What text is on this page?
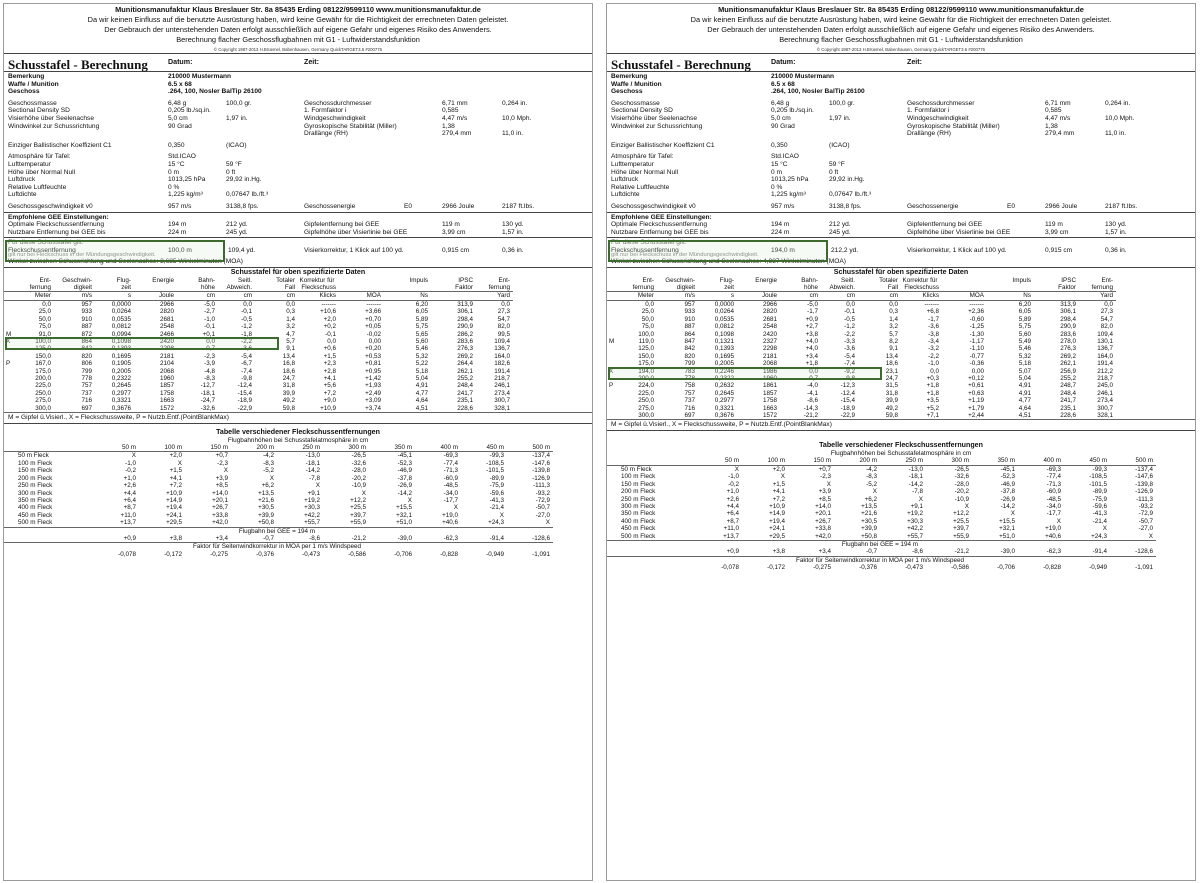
Munitionsmanufaktur Klaus Breslauer Str. 8a 85435 Erding 08122/9599110 www.munitionsmanufaktur.de
Da wir keinen Einfluss auf die benutzte Ausrüstung haben, wird keine Gewähr für die Richtigkeit der errechneten Daten geleistet.
Der Gebrauch der untenstehenden Daten erfolgt ausschließlich auf eigene Gefahr und eigenes Risiko des Anwenders.
Berechnung flacher Geschossflugbahnen mit G1 - Luftwiderstandsfunktion
© Copyright 1987-2013 H.Brüemel, Babenhausen, Germany QuickTARGET3.6 #200776
Schusstafel - Berechnung	Datum:	Zeit:
Bemerkung	210000 Mustermann
Waffe / Munition	6.5 x 68
Geschoss	.264, 100, Nosler BalTip 26100
Geschossmasse	6,48 g	100,0 gr.	Geschossdurchmesser	6,71 mm	0,264 in.
Sectional Density SD	0,205 lb./sq.in.	1. Formfaktor i	0,585
Visierhöhe über Seelenachse	5,0 cm	1,97 in.	Windgeschwindigkeit	4,47 m/s	10,0 Mph.
Windwinkel zur Schussrichtung	90 Grad	Gyroskopische Stabilität (Miller)	1,38
Drallänge (RH)	279,4 mm	11,0 in.
Einziger Ballistischer Koeffizient C1	0,350	(ICAO)
Atmosphäre für Tafel:	Std.ICAO
Lufttemperatur	15 °C	59 °F
Höhe über Normal Null	0 m	0 ft
Luftdruck	1013,25 hPa	29,92 in.Hg.
Relative Luftfeuchte	0 %
Luftdichte	1,225 kg/m³	0,07647 lb./ft.³
Geschossgeschwindigkeit v0	957 m/s	3138,8 fps.	Geschossenergie	E0	2966 Joule	2187 ft.lbs.
Empfohlene GEE Einstellungen:
Optimale Fleckschussentfernung	194 m	212 yd.	Gipfelentfernung bei GEE	119 m	130 yd.
Nutzbare Entfernung bei GEE bis	224 m	245 yd.	Gipfelhöhe über Visierlinie bei GEE	3,99 cm	1,57 in.
Für diese Schusstafel gilt:
Fleckschussentfernung	100,0 m	109,4 yd.	Visierkorrektur, 1 Klick auf 100 yd.	0,915 cm	0,36 in.
gilt nur bei Fleckschuss in der Mündungsgeschwindigkeit.
Winkel zwischen Schussrichtung und Seelenachse: 3,685 Winkelminuten (MOA)
Schusstafel für oben spezifizierte Daten
	Ent-	Geschwin-	Flug-	Energie	Bahn-	Seitl.	Totaler	Korrektur für		Impuls	IPSC	Ent-
	fernung	digkeit	zeit		höhe	Abweich.	Fall	Fleckschuss			Faktor	fernung
	Meter	m/s	s	Joule	cm	cm	cm	Klicks	MOA	Ns		Yard
	0,0	957	0,0000	2966	-5,0	0,0	0,0	-------	-------	6,20	313,9	0,0
	25,0	933	0,0264	2820	-2,7	-0,1	0,3	+10,6	+3,66	6,05	306,1	27,3
	50,0	910	0,0535	2681	-1,0	-0,5	1,4	+2,0	+0,70	5,89	298,4	54,7
	75,0	887	0,0812	2548	-0,1	-1,2	3,2	+0,2	+0,05	5,75	290,9	82,0
M	91,0	872	0,0994	2466	+0,1	-1,8	4,7	-0,1	-0,02	5,65	286,2	99,5
X	100,0	864	0,1098	2420	0,0	-2,2	5,7	0,0	0,00	5,60	283,6	109,4
	125,0	842	0,1393	2298	-0,7	-3,6	9,1	+0,6	+0,20	5,46	276,3	136,7
	150,0	820	0,1695	2181	-2,3	-5,4	13,4	+1,5	+0,53	5,32	269,2	164,0
P	167,0	806	0,1905	2104	-3,9	-6,7	16,8	+2,3	+0,81	5,22	264,4	182,6
	175,0	799	0,2005	2068	-4,8	-7,4	18,6	+2,8	+0,95	5,18	262,1	191,4
	200,0	778	0,2322	1960	-8,3	-9,8	24,7	+4,1	+1,42	5,04	255,2	218,7
	225,0	757	0,2645	1857	-12,7	-12,4	31,8	+5,6	+1,93	4,91	248,4	246,1
	250,0	737	0,2977	1758	-18,1	-15,4	39,9	+7,2	+2,49	4,77	241,7	273,4
	275,0	716	0,3321	1663	-24,7	-18,9	49,2	+9,0	+3,09	4,64	235,1	300,7
	300,0	697	0,3676	1572	-32,6	-22,9	59,8	+10,9	+3,74	4,51	228,6	328,1
M = Gipfel ü.Visierl., X = Fleckschussweite, P = Nutzb.Entf.(PointBlankMax)
Tabelle verschiedener Fleckschussentfernungen
Flugbahnhöhen bei Schusstafelatmosphäre in cm
	50 m	100 m	150 m	200 m	250 m	300 m	350 m	400 m	450 m	500 m
50 m Fleck	X	+2,0	+0,7	-4,2	-13,0	-26,5	-45,1	-69,3	-99,3	-137,4
100 m Fleck	-1,0	X	-2,3	-8,3	-18,1	-32,6	-52,3	-77,4	-108,5	-147,6
150 m Fleck	-0,2	+1,5	X	-5,2	-14,2	-28,0	-46,9	-71,3	-101,5	-139,8
200 m Fleck	+1,0	+4,1	+3,9	X	-7,8	-20,2	-37,8	-60,9	-89,9	-126,9
250 m Fleck	+2,6	+7,2	+8,5	+6,2	X	-10,9	-26,9	-48,5	-75,9	-111,3
300 m Fleck	+4,4	+10,9	+14,0	+13,5	+9,1	X	-14,2	-34,0	-59,6	-93,2
350 m Fleck	+6,4	+14,9	+20,1	+21,6	+19,2	+12,2	X	-17,7	-41,3	-72,9
400 m Fleck	+8,7	+19,4	+26,7	+30,5	+30,3	+25,5	+15,5	X	-21,4	-50,7
450 m Fleck	+11,0	+24,1	+33,8	+39,9	+42,2	+39,7	+32,1	+19,0	X	-27,0
500 m Fleck	+13,7	+29,5	+42,0	+50,8	+55,7	+55,9	+51,0	+40,6	+24,3	X
Flugbahn bei GEE = 194 m										
	+0,9	+3,8	+3,4	-0,7	-8,6	-21,2	-39,0	-62,3	-91,4	-128,6
Faktor für Seitenwindkorrektur in MOA per 1 m/s Windspeed										
	-0,078	-0,172	-0,275	-0,376	-0,473	-0,586	-0,706	-0,828	-0,949	-1,091
Munitionsmanufaktur Klaus Breslauer Str. 8a 85435 Erding 08122/9599110 www.munitionsmanufaktur.de
Da wir keinen Einfluss auf die benutzte Ausrüstung haben, wird keine Gewähr für die Richtigkeit der errechneten Daten geleistet.
Der Gebrauch der untenstehenden Daten erfolgt ausschließlich auf eigene Gefahr und eigenes Risiko des Anwenders.
Berechnung flacher Geschossflugbahnen mit G1 - Luftwiderstandsfunktion
© Copyright 1987-2013 H.Brüemel, Babenhausen, Germany QuickTARGET3.6 #200776
Schusstafel - Berechnung	Datum:	Zeit:
Bemerkung	210000 Mustermann
Waffe / Munition	6.5 x 68
Geschoss	.264, 100, Nosler BalTip 26100
Geschossmasse	6,48 g	100,0 gr.	Geschossdurchmesser	6,71 mm	0,264 in.
Sectional Density SD	0,205 lb./sq.in.	1. Formfaktor i	0,585
Visierhöhe über Seelenachse	5,0 cm	1,97 in.	Windgeschwindigkeit	4,47 m/s	10,0 Mph.
Windwinkel zur Schussrichtung	90 Grad	Gyroskopische Stabilität (Miller)	1,38
Drallänge (RH)	279,4 mm	11,0 in.
Einziger Ballistischer Koeffizient C1	0,350	(ICAO)
Atmosphäre für Tafel:	Std.ICAO
Lufttemperatur	15 °C	59 °F
Höhe über Normal Null	0 m	0 ft
Luftdruck	1013,25 hPa	29,92 in.Hg.
Relative Luftfeuchte	0 %
Luftdichte	1,225 kg/m³	0,07647 lb./ft.³
Geschossgeschwindigkeit v0	957 m/s	3138,8 fps.	Geschossenergie	E0	2966 Joule	2187 ft.lbs.
Empfohlene GEE Einstellungen:
Optimale Fleckschussentfernung	194 m	212 yd.	Gipfelentfernung bei GEE	119 m	130 yd.
Nutzbare Entfernung bei GEE bis	224 m	245 yd.	Gipfelhöhe über Visierlinie bei GEE	3,99 cm	1,57 in.
Für diese Schusstafel gilt:
Fleckschussentfernung	194,0 m	212,2 yd.	Visierkorrektur, 1 Klick auf 100 yd.	0,915 cm	0,36 in.
gilt nur bei Fleckschuss in der Mündungsgeschwindigkeit.
Winkel zwischen Schussrichtung und Seelenachse: 4,987 Winkelminuten (MOA)
Schusstafel für oben spezifizierte Daten
	Ent-	Geschwin-	Flug-	Energie	Bahn-	Seitl.	Totaler	Korrektur für		Impuls	IPSC	Ent-
	fernung	digkeit	zeit		höhe	Abweich.	Fall	Fleckschuss			Faktor	fernung
	Meter	m/s	s	Joule	cm	cm	cm	Klicks	MOA	Ns		Yard
	0,0	957	0,0000	2966	-5,0	0,0	0,0	-------	-------	6,20	313,9	0,0
	25,0	933	0,0264	2820	-1,7	-0,1	0,3	+6,8	+2,36	6,05	306,1	27,3
	50,0	910	0,0535	2681	+0,9	-0,5	1,4	-1,7	-0,60	5,89	298,4	54,7
	75,0	887	0,0812	2548	+2,7	-1,2	3,2	-3,6	-1,25	5,75	290,9	82,0
	100,0	864	0,1098	2420	+3,8	-2,2	5,7	-3,8	-1,30	5,60	283,6	109,4
M	119,0	847	0,1321	2327	+4,0	-3,3	8,2	-3,4	-1,17	5,49	278,0	130,1
	125,0	842	0,1393	2298	+4,0	-3,6	9,1	-3,2	-1,10	5,46	276,3	136,7
	150,0	820	0,1695	2181	+3,4	-5,4	13,4	-2,2	-0,77	5,32	269,2	164,0
	175,0	799	0,2005	2068	+1,8	-7,4	18,6	-1,0	-0,36	5,18	262,1	191,4
X	194,0	783	0,2246	1986	0,0	-9,2	23,1	0,0	0,00	5,07	256,9	212,2
	200,0	778	0,2322	1960	-0,7	-9,8	24,7	+0,3	+0,12	5,04	255,2	218,7
P	224,0	758	0,2632	1861	-4,0	-12,3	31,5	+1,8	+0,61	4,91	248,7	245,0
	225,0	757	0,2645	1857	-4,1	-12,4	31,8	+1,8	+0,63	4,91	248,4	246,1
	250,0	737	0,2977	1758	-8,6	-15,4	39,9	+3,5	+1,19	4,77	241,7	273,4
	275,0	716	0,3321	1663	-14,3	-18,9	49,2	+5,2	+1,79	4,64	235,1	300,7
	300,0	697	0,3676	1572	-21,2	-22,9	59,8	+7,1	+2,44	4,51	228,6	328,1
M = Gipfel ü.Visierl., X = Fleckschussweite, P = Nutzb.Entf.(PointBlankMax)
Tabelle verschiedener Fleckschussentfernungen
Flugbahnhöhen bei Schusstafelatmosphäre in cm
	50 m	100 m	150 m	200 m	250 m	300 m	350 m	400 m	450 m	500 m
50 m Fleck	X	+2,0	+0,7	-4,2	-13,0	-26,5	-45,1	-69,3	-99,3	-137,4
100 m Fleck	-1,0	X	-2,3	-8,3	-18,1	-32,6	-52,3	-77,4	-108,5	-147,6
150 m Fleck	-0,2	+1,5	X	-5,2	-14,2	-28,0	-46,9	-71,3	-101,5	-139,8
200 m Fleck	+1,0	+4,1	+3,9	X	-7,8	-20,2	-37,8	-60,9	-89,9	-126,9
250 m Fleck	+2,6	+7,2	+8,5	+6,2	X	-10,9	-26,9	-48,5	-75,9	-111,3
300 m Fleck	+4,4	+10,9	+14,0	+13,5	+9,1	X	-14,2	-34,0	-59,6	-93,2
350 m Fleck	+6,4	+14,9	+20,1	+21,6	+19,2	+12,2	X	-17,7	-41,3	-72,9
400 m Fleck	+8,7	+19,4	+26,7	+30,5	+30,3	+25,5	+15,5	X	-21,4	-50,7
450 m Fleck	+11,0	+24,1	+33,8	+39,9	+42,2	+39,7	+32,1	+19,0	X	-27,0
500 m Fleck	+13,7	+29,5	+42,0	+50,8	+55,7	+55,9	+51,0	+40,6	+24,3	X
Flugbahn bei GEE = 194 m										
	+0,9	+3,8	+3,4	-0,7	-8,6	-21,2	-39,0	-62,3	-91,4	-128,6
Faktor für Seitenwindkorrektur in MOA per 1 m/s Windspeed										
	-0,078	-0,172	-0,275	-0,376	-0,473	-0,586	-0,706	-0,828	-0,949	-1,091
